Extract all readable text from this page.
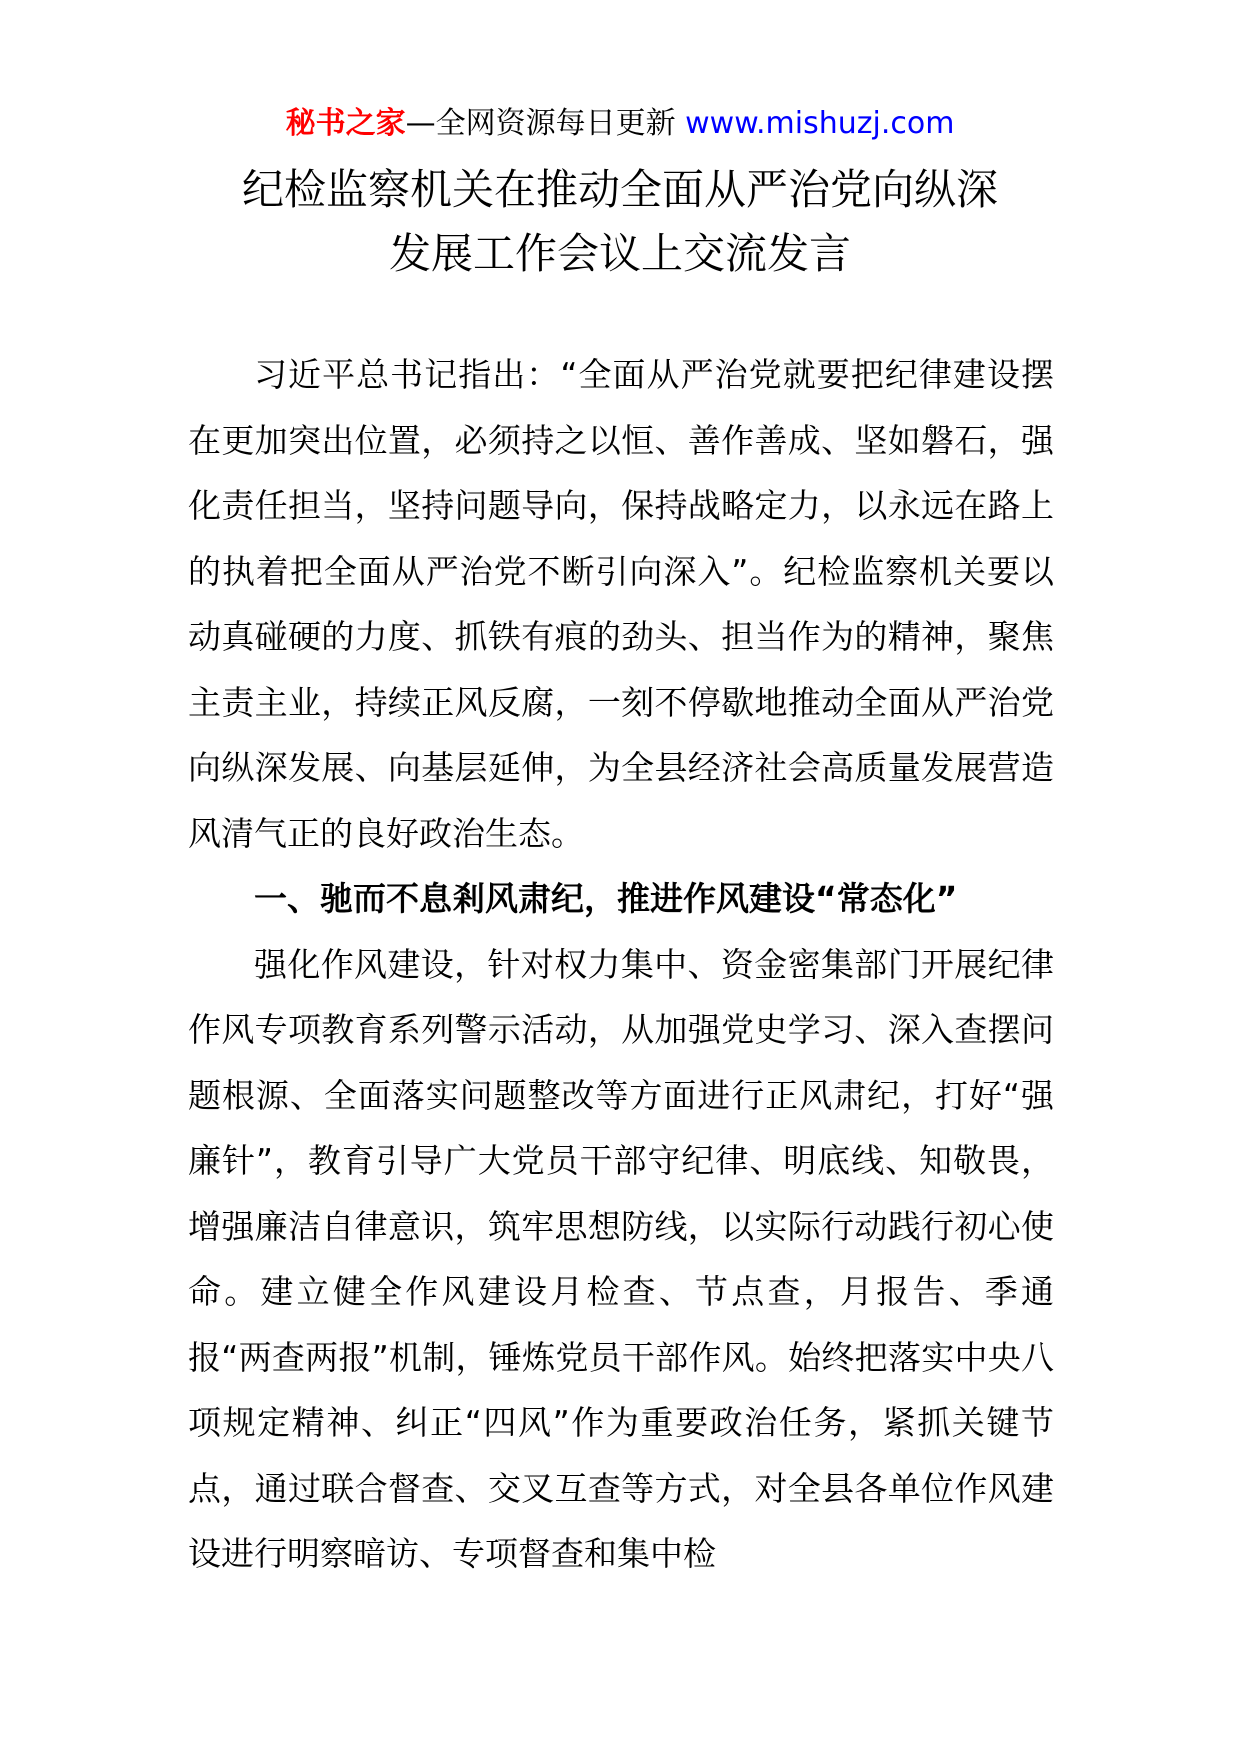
秘书之家—全网资源每日更新 www.mishuzj.com
纪检监察机关在推动全面从严治党向纵深
发展工作会议上交流发言

习近平总书记指出：“全面从严治党就要把纪律建设摆在更加突出位置，必须持之以恒、善作善成、坚如磐石，强化责任担当，坚持问题导向，保持战略定力，以永远在路上的执着把全面从严治党不断引向深入”。纪检监察机关要以动真碰硬的力度、抓铁有痕的劲头、担当作为的精神，聚焦主责主业，持续正风反腐，一刻不停歇地推动全面从严治党向纵深发展、向基层延伸，为全县经济社会高质量发展营造风清气正的良好政治生态。

一、驰而不息剎风肃纪，推进作风建设“常态化”

强化作风建设，针对权力集中、资金密集部门开展纪律作风专项教育系列警示活动，从加强党史学习、深入查摆问题根源、全面落实问题整改等方面进行正风肃纪，打好“强廉针”，教育引导广大党员干部守纪律、明底线、知敬畏，增强廉洁自律意识，筑牢思想防线，以实际行动践行初心使命。建立健全作风建设月检查、节点查，月报告、季通报“两查两报”机制，锤炼党员干部作风。始终把落实中央八项规定精神、纠正“四风”作为重要政治任务，紧抓关键节点，通过联合督查、交叉互查等方式，对全县各单位作风建设进行明察暗访、专项督查和集中检
